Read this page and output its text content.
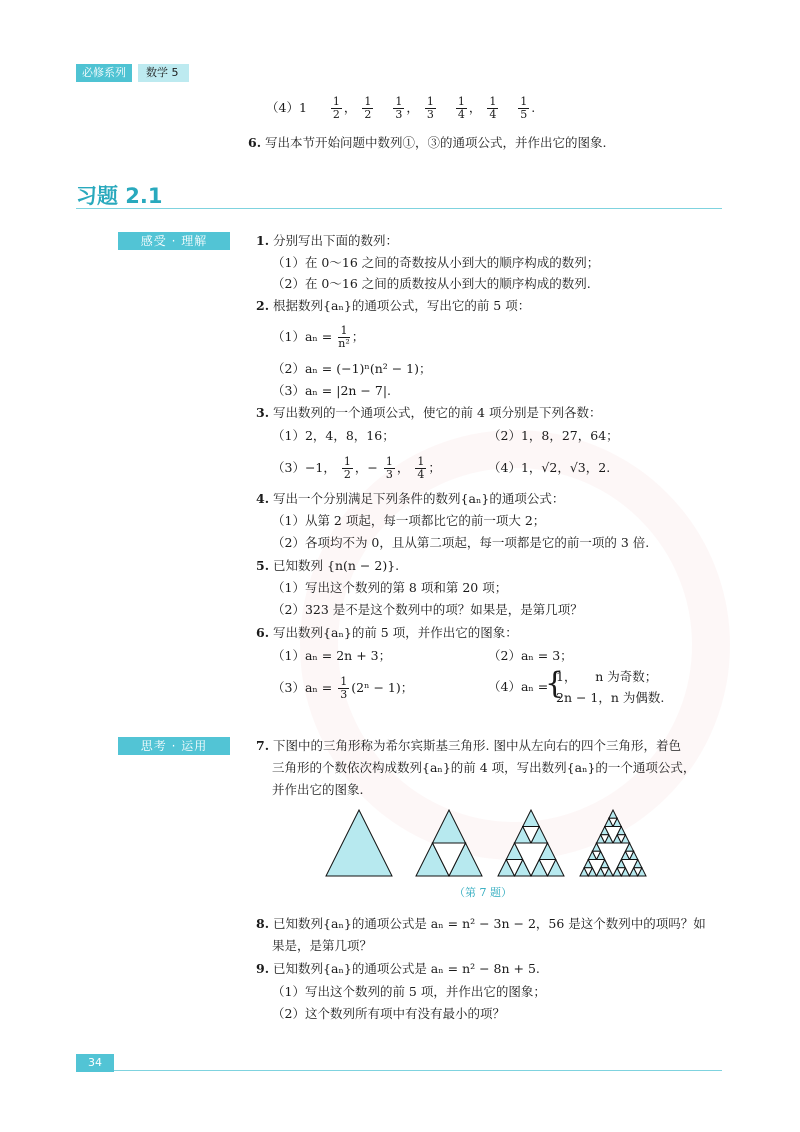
必修系列	数学 5
$(4)1 \frac{1}{2}$ ， $\frac{1}{2}$
$\frac{1}{3}$ ， $\frac{1}{3}$
$\frac{1}{4}$ ， $\frac{1}{4}$
$\frac{1}{5}$ .
6. 写出本节开始问题中数列①，③的通项公式，并作出它的图象.
习题 2.1
感受 · 理解	1. 分别写出下面的数列：
（1）在 0～16 之间的奇数按从小到大的顺序构成的数列；
（2）在 0～16 之间的质数按从小到大的顺序构成的数列.
2. 根据数列{aₙ}的通项公式，写出它的前 5 项：
$(1)a_n = \frac{1}{\text{n²}}$ ；
（2）aₙ = (−1)ⁿ(n² − 1)；
（3）aₙ = |2n − 7|.
3. 写出数列的一个通项公式，使它的前 4 项分别是下列各数：
（1）2，4，8，16；	（2）1，8，27，64；
（3）−1， $\frac{1}{2}$ ，− $\frac{1}{3}$ ， $\frac{1}{4}$ ；	（4）1，√2，√3，2.
4. 写出一个分别满足下列条件的数列{aₙ}的通项公式：
（1）从第 2 项起，每一项都比它的前一项大 2；
（2）各项均不为 0，且从第二项起，每一项都是它的前一项的 3 倍.
5. 已知数列 {n(n − 2)}.
（1）写出这个数列的第 8 项和第 20 项；
（2）323 是不是这个数列中的项？如果是，是第几项？
6. 写出数列{aₙ}的前 5 项，并作出它的图象：
（1）aₙ = 2n + 3；	（2）aₙ = 3；
$(3)a_n = \frac{1}{3} (2^n - 1)$；	（4）aₙ =
{
1，　　n 为奇数；
2n − 1，n 为偶数.
思考 · 运用	7. 下图中的三角形称为希尔宾斯基三角形. 图中从左向右的四个三角形，着色
三角形的个数依次构成数列{aₙ}的前 4 项，写出数列{aₙ}的一个通项公式，
并作出它的图象.
（第 7 题）
8. 已知数列{aₙ}的通项公式是 aₙ = n² − 3n − 2，56 是这个数列中的项吗？如
果是，是第几项？
9. 已知数列{aₙ}的通项公式是 aₙ = n² − 8n + 5.
（1）写出这个数列的前 5 项，并作出它的图象；
（2）这个数列所有项中有没有最小的项？
34
